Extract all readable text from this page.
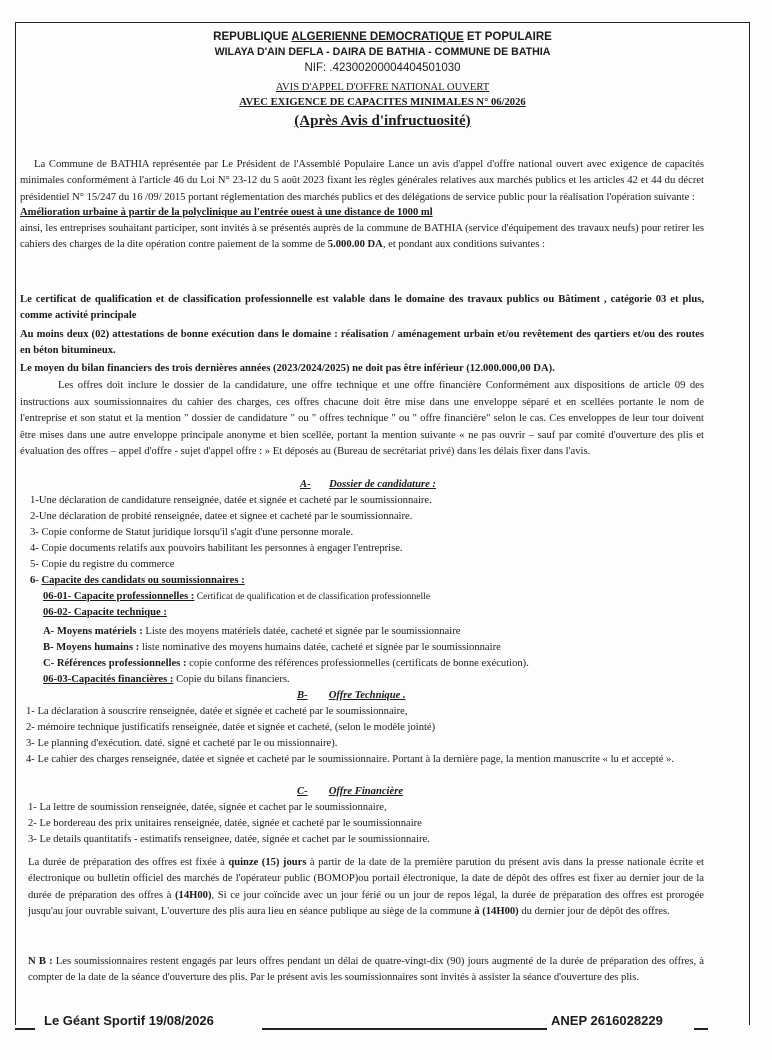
REPUBLIQUE ALGERIENNE DEMOCRATIQUE ET POPULAIRE
WILAYA D'AIN DEFLA - DAIRA DE BATHIA - COMMUNE DE BATHIA
NIF: .42300200004404501030
AVIS D'APPEL D'OFFRE NATIONAL OUVERT
AVEC EXIGENCE DE CAPACITES MINIMALES N° 06/2026
(Après Avis d'infructuosité)
La Commune de BATHIA représentée par Le Président de l'Assemblé Populaire Lance un avis d'appel d'offre national ouvert avec exigence de capacités minimales conformément à l'article 46 du Loi N° 23-12 du 5 août 2023 fixant les règles générales relatives aux marchés publics et les articles 42 et 44 du décret présidentiel N° 15/247 du 16 /09/ 2015 portant réglementation des marchés publics et des délégations de service public pour la réalisation l'opération suivante :
Amélioration urbaine à partir de la polyclinique au l'entrée ouest à une distance de 1000 ml
ainsi, les entreprises souhaitant participer, sont invités à se présentés auprès de la commune de BATHIA (service d'équipement des travaux neufs) pour retirer les cahiers des charges de la dite opération contre paiement de la somme de 5.000.00 DA, et pondant aux conditions suivantes :
Le certificat de qualification et de classification professionnelle est valable dans le domaine des travaux publics ou Bâtiment , catégorie 03 et plus, comme activité principale
Au moins deux (02) attestations de bonne exécution dans le domaine : réalisation / aménagement urbain et/ou revêtement des qartiers et/ou des routes en béton bitumineux.
Le moyen du bilan financiers des trois dernières années (2023/2024/2025) ne doit pas être inférieur (12.000.000,00 DA).
Les offres doit inclure le dossier de la candidature, une offre technique et une offre financière Conformément aux dispositions de article 09 des instructions aux soumissionnaires du cahier des charges, ces offres chacune doit être mise dans une enveloppe séparé et en scellées portante le nom de l'entreprise et son statut et la mention " dossier de candidature " ou " offres technique " ou " offre financière" selon le cas. Ces enveloppes de leur tour doivent être mises dans une autre enveloppe principale anonyme et bien scellée, portant la mention suivante « ne pas ouvrir – sauf par comité d'ouverture des plis et évaluation des offres – appel d'offre - sujet d'appel offre : » Et déposés au (Bureau de secrétariat privé) dans les délais fixer dans l'avis.
A- Dossier de candidature :
1-Une déclaration de candidature renseignée, datée et signée et cacheté par le soumissionnaire.
2-Une déclaration de probité renseignée, datee et signee et cacheté par le soumissionnaire.
3- Copie conforme de Statut juridique lorsqu'il s'agit d'une personne morale.
4- Copie documents relatifs aux pouvoirs habilitant les personnes à engager l'entreprise.
5- Copie du registre du commerce
6- Capacite des candidats ou soumissionnaires :
06-01- Capacite professionnelles : Certificat de qualification et de classification professionnelle
06-02- Capacite technique :
A- Moyens matériels : Liste des moyens matériels datée, cacheté et signée par le soumissionnaire
B- Moyens humains : liste nominative des moyens humains datée, cacheté et signée par le soumissionnaire
C- Références professionnelles : copie conforme des références professionnelles (certificats de bonne exécution).
06-03-Capacités financières : Copie du bilans financiers.
B- Offre Technique .
1- La déclaration à souscrire renseignée, datée et signée et cacheté par le soumissionnaire,
2- mémoire technique justificatifs renseignée, datée et signée et cacheté, (selon le modèle jointé)
3- Le planning d'exécution. daté. signé et cacheté par le ou missionnaire).
4- Le cahier des charges renseignée, datée et signée et cacheté par le soumissionnaire. Portant à la dernière page, la mention manuscrite « lu et accepté ».
C- Offre Financière
1- La lettre de soumission renseignée, datée, signée et cachet par le soumissionnaire,
2- Le bordereau des prix unitaires renseignée, datée, signée et cacheté par le soumissionnaire
3- Le details quantitatifs - estimatifs renseignee, datée, signée et cachet par le soumissionnaire.
La durée de préparation des offres est fixée à quinze (15) jours à partir de la date de la première parution du présent avis dans la presse nationale écrite et électronique ou bulletin officiel des marchés de l'opérateur public (BOMOP)ou portail électronique, la date de dépôt des offres est fixer au dernier jour de la durée de préparation des offres à (14H00), Si ce jour coïncide avec un jour férié ou un jour de repos légal, la durée de préparation des offres est prorogée jusqu'au jour ouvrable suivant, L'ouverture des plis aura lieu en séance publique au siège de la commune à (14H00) du dernier jour de dépôt des offres.
N B : Les soumissionnaires restent engagés par leurs offres pendant un délai de quatre-vingt-dix (90) jours augmenté de la durée de préparation des offres, à compter de la date de la séance d'ouverture des plis. Par le présent avis les soumissionnaires sont invités à assister la séance d'ouverture des plis.
Le Géant Sportif 19/08/2026	ANEP 2616028229
